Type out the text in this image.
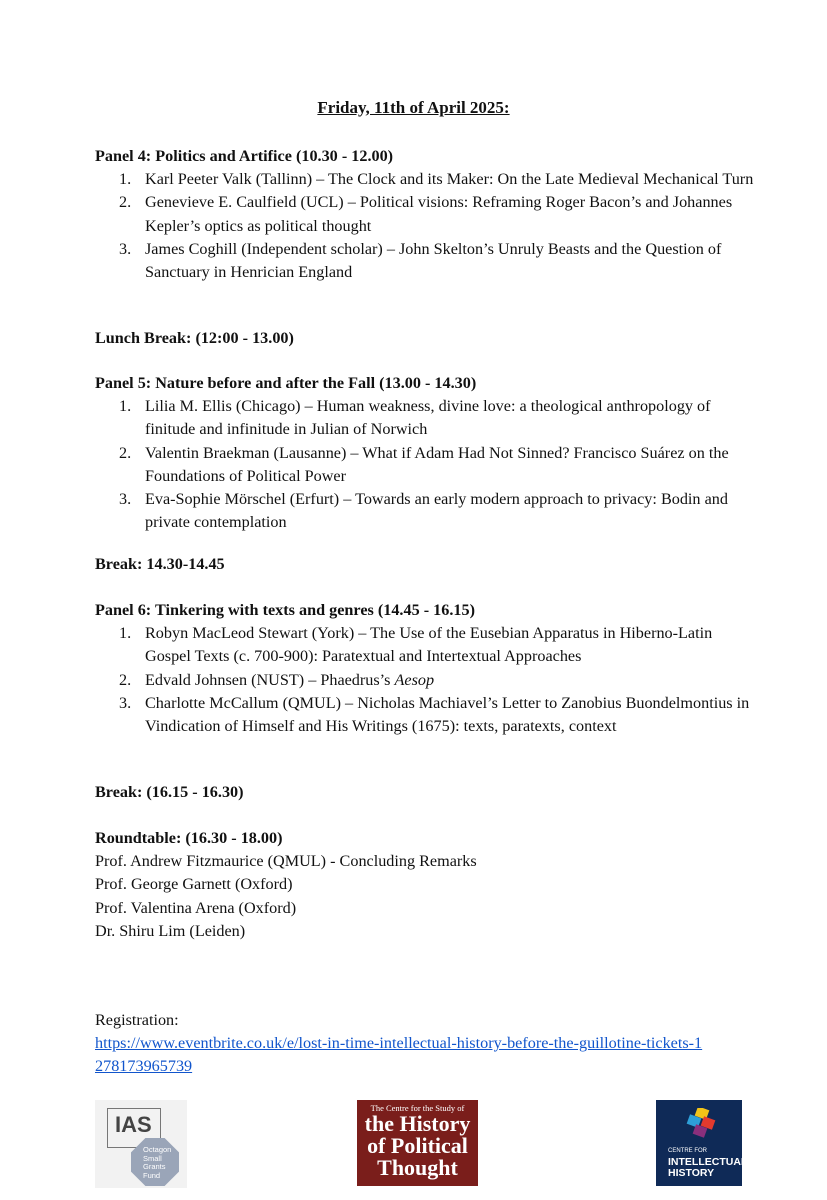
Friday, 11th of April 2025:
Panel 4: Politics and Artifice (10.30 - 12.00)
1. Karl Peeter Valk (Tallinn) – The Clock and its Maker: On the Late Medieval Mechanical Turn
2. Genevieve E. Caulfield (UCL) – Political visions: Reframing Roger Bacon’s and Johannes Kepler’s optics as political thought
3. James Coghill (Independent scholar) – John Skelton’s Unruly Beasts and the Question of Sanctuary in Henrician England
Lunch Break: (12:00 - 13.00)
Panel 5: Nature before and after the Fall (13.00 - 14.30)
1. Lilia M. Ellis (Chicago) – Human weakness, divine love: a theological anthropology of finitude and infinitude in Julian of Norwich
2. Valentin Braekman (Lausanne) – What if Adam Had Not Sinned? Francisco Suárez on the Foundations of Political Power
3. Eva-Sophie Mörschel (Erfurt) – Towards an early modern approach to privacy: Bodin and private contemplation
Break: 14.30-14.45
Panel 6: Tinkering with texts and genres (14.45 - 16.15)
1. Robyn MacLeod Stewart (York) – The Use of the Eusebian Apparatus in Hiberno-Latin Gospel Texts (c. 700-900): Paratextual and Intertextual Approaches
2. Edvald Johnsen (NUST) – Phaedrus’s Aesop
3. Charlotte McCallum (QMUL) – Nicholas Machiavel’s Letter to Zanobius Buondelmontius in Vindication of Himself and His Writings (1675): texts, paratexts, context
Break: (16.15 - 16.30)
Roundtable: (16.30 - 18.00)
Prof. Andrew Fitzmaurice (QMUL) - Concluding Remarks
Prof. George Garnett (Oxford)
Prof. Valentina Arena (Oxford)
Dr. Shiru Lim (Leiden)
Registration:
https://www.eventbrite.co.uk/e/lost-in-time-intellectual-history-before-the-guillotine-tickets-1
278173965739
IAS
Octagon
Small
Grants
Fund
The Centre for the Study of
the History
of Political
Thought
CENTRE FOR
INTELLECTUAL
HISTORY
